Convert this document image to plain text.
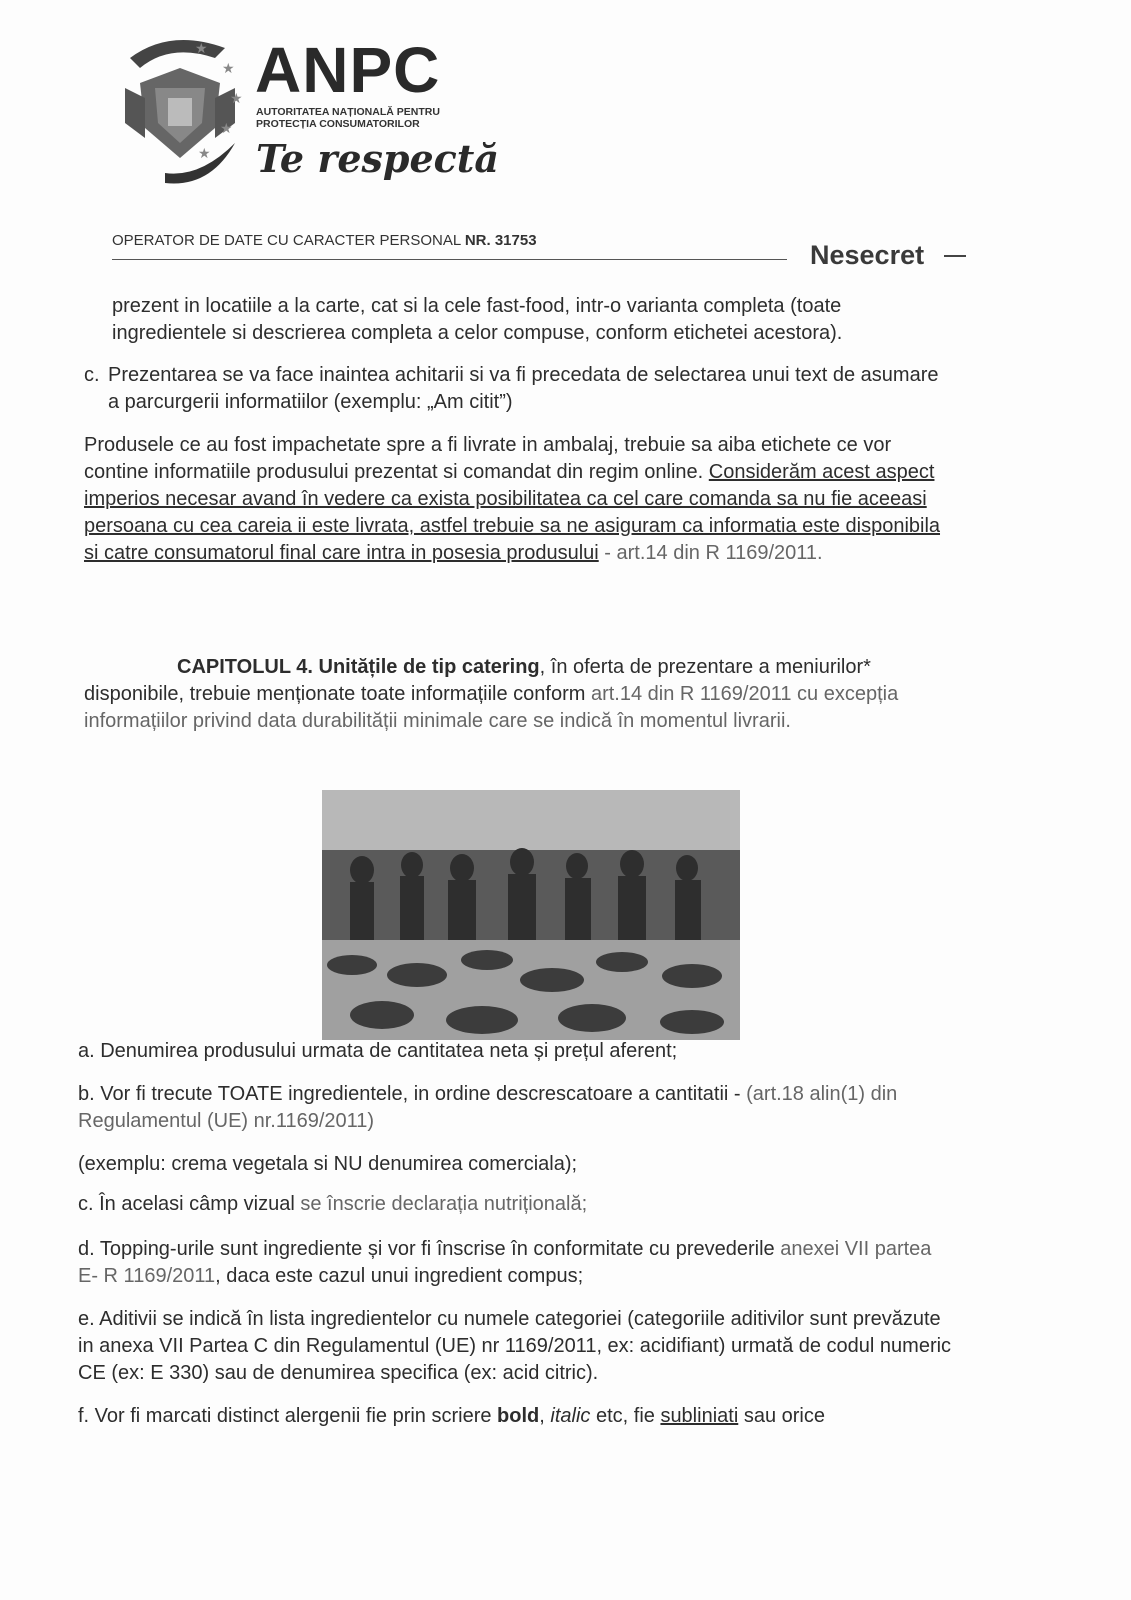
★
★
★
★
★
ANPC
AUTORITATEA NAȚIONALĂ PENTRU
PROTECȚIA CONSUMATORILOR
Te respectă
OPERATOR DE DATE CU CARACTER PERSONAL NR. 31753	Nesecret
prezent in locatiile a la carte, cat si la cele fast-food, intr-o varianta completa (toate ingredientele si descrierea completa a celor compuse, conform etichetei acestora).
c. Prezentarea se va face inaintea achitarii si va fi precedata de selectarea unui text de asumare a parcurgerii informatiilor (exemplu: „Am citit”)
Produsele ce au fost impachetate spre a fi livrate in ambalaj, trebuie sa aiba etichete ce vor contine informatiile produsului prezentat si comandat din regim online. Considerăm acest aspect imperios necesar avand în vedere ca exista posibilitatea ca cel care comanda sa nu fie aceeasi persoana cu cea careia ii este livrata, astfel trebuie sa ne asiguram ca informatia este disponibila si catre consumatorul final care intra in posesia produsului - art.14 din R 1169/2011.
CAPITOLUL 4. Unitățile de tip catering, în oferta de prezentare a meniurilor* disponibile, trebuie menționate toate informațiile conform art.14 din R 1169/2011 cu excepția informațiilor privind data durabilității minimale care se indică în momentul livrarii.
a. Denumirea produsului urmata de cantitatea neta și prețul aferent;
b. Vor fi trecute TOATE ingredientele, in ordine descrescatoare a cantitatii - (art.18 alin(1) din Regulamentul (UE) nr.1169/2011)
(exemplu: crema vegetala si NU denumirea comerciala);
c. În acelasi câmp vizual se înscrie declarația nutrițională;
d. Topping-urile sunt ingrediente și vor fi înscrise în conformitate cu prevederile anexei VII partea E- R 1169/2011, daca este cazul unui ingredient compus;
e. Aditivii se indică în lista ingredientelor cu numele categoriei (categoriile aditivilor sunt prevăzute in anexa VII Partea C din Regulamentul (UE) nr 1169/2011, ex: acidifiant) urmată de codul numeric CE (ex: E 330) sau de denumirea specifica (ex: acid citric).
f. Vor fi marcati distinct alergenii fie prin scriere bold, italic etc, fie subliniati sau orice
